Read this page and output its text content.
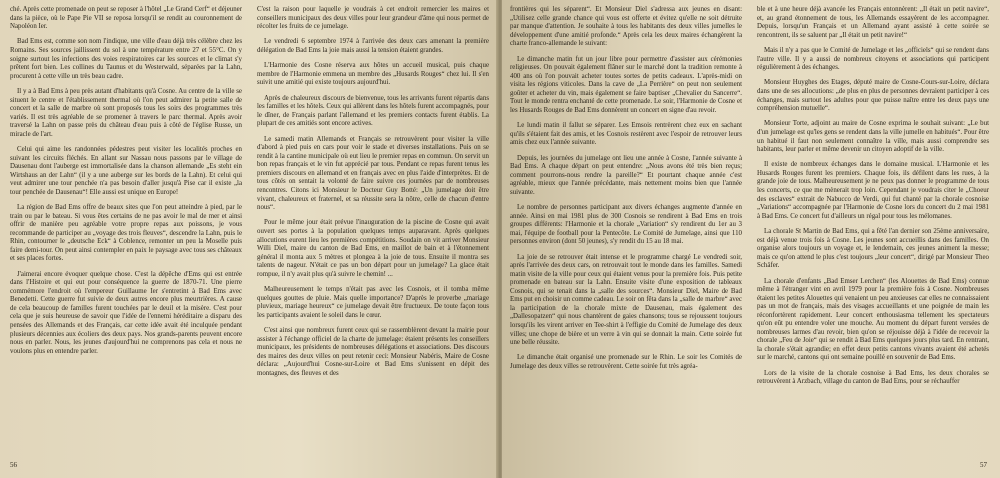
ché. Après cette promenade on peut se reposer à l'hôtel „Le Grand Cerf“ et déjeuner dans la pièce, où le Pape Pie VII se reposa lorsqu'il se rendit au couronnement de Napoléon Ier.

Bad Ems est, comme son nom l'indique, une ville d'eau déjà très célèbre chez les Romains. Ses sources jaillissent du sol à une température entre 27 et 55°C. On y soigne surtout les infections des voies respiratoires car les sources et le climat s'y prêtent fort bien. Les collines du Taunus et du Westerwald, séparées par la Lahn, procurent à cette ville un très beau cadre.

Il y a à Bad Ems à peu près autant d'habitants qu'à Cosne. Au centre de la ville se situent le centre et l'établissement thermal où l'on peut admirer la petite salle de concert et la salle de marbre où sont proposés tous les soirs des programmes très variés. Il est très agréable de se promener à travers le parc thermal. Après avoir traversé la Lahn on passe près du château d'eau puis à côté de l'église Russe, un miracle de l'art.

Celui qui aime les randonnées pédestres peut visiter les localités proches en suivant les circuits fléchés. En allant sur Nassau nous passons par le village de Dausenau dont l'auberge est immortalisée dans la chanson allemande „Es steht ein Wirtshaus an der Lahn“ (il y a une auberge sur les bords de la Lahn). Et celui qui veut admirer une tour penchée n'a pas besoin d'aller jusqu'à Pise car il existe „la tour penchée de Dausenau“! Elle aussi est unique en Europe!

La région de Bad Ems offre de beaux sites que l'on peut atteindre à pied, par le train ou par le bateau. Si vous êtes certains de ne pas avoir le mal de mer et ainsi offrir de manière peu agréable votre propre repas aux poissons, je vous recommande de participer au „voyage des trois fleuves“, descendre la Lahn, puis le Rhin, contourner le „deutsche Eck“ à Coblence, remonter un peu la Moselle puis faire demi-tour. On peut ainsi contempler en paix le paysage avec tous ses châteaux et ses places fortes.

J'aimerai encore évoquer quelque chose. C'est la dépêche d'Ems qui est entrée dans l'Histoire et qui eut pour conséquence la guerre de 1870-71. Une pierre commémore l'endroit où l'empereur Guillaume Ier s'entretint à Bad Ems avec Benedetti. Cette guerre fut suivie de deux autres encore plus meurtrières. A cause de cela beaucoup de familles furent touchées par le deuil et la misère. C'est pour cela que je suis heureuse de savoir que l'idée de l'ennemi héréditaire a disparu des pensées des Allemands et des Français, car cette idée avait été inculquée pendant plusieurs décennies aux écoliers des deux pays. Nos grands-parents peuvent encore nous en parler. Nous, les jeunes d'aujourd'hui ne comprenons pas cela et nous ne voulons plus en entendre parler.

C'est la raison pour laquelle je voudrais à cet endroit remercier les maires et conseillers municipaux des deux villes pour leur grandeur d'âme qui nous permet de récolter les fruits de ce jumelage.

Le vendredi 6 septembre 1974 à l'arrivée des deux cars amenant la première délégation de Bad Ems la joie mais aussi la tension étaient grandes.

L'Harmonie des Cosne réserva aux hôtes un accueil musical, puis chaque membre de l'Harmonie emmena un membre des „Husards Rouges“ chez lui. Il s'en suivit une amitié qui existe toujours aujourd'hui.

Après de chaleureux discours de bienvenue, tous les arrivants furent répartis dans les familles et les hôtels. Ceux qui allèrent dans les hôtels furent accompagnés, pour le dîner, de Français parlant l'allemand et les premiers contacts furent établis. La plupart de ces amitiés sont encore actives.

Le samedi matin Allemands et Français se retrouvèrent pour visiter la ville d'abord à pied puis en cars pour voir le stade et diverses installations. Puis on se rendit à la cantine municipale où eut lieu le premier repas en commun. On servit un bon repas français et le vin fut apprécié par tous. Pendant ce repas furent tenus les premiers discours en allemand et en français avec en plus l'aide d'interprètes. Et de tous côtés on sentait la volonté de faire suivre ces journées par de nombreuses rencontres. Citons ici Monsieur le Docteur Guy Botté: „Un jumelage doit être vivant, chaleureux et fraternel, et sa réussite sera la nôtre, celle de chacun d'entre nous“.

Pour le même jour était prévue l'inauguration de la piscine de Cosne qui avait ouvert ses portes à la population quelques temps auparavant. Après quelques allocutions eurent lieu les premières compétitions. Soudain on vit arriver Monsieur Willi Diel, maire du canton de Bad Ems, en maillot de bain et à l'étonnement général il monta aux 5 mètres et plongea à la joie de tous. Ensuite il montra ses talents de nageur. N'était ce pas un bon départ pour un jumelage? La glace était rompue, il n'y avait plus qu'à suivre le chemin! ...

Malheureusement le temps n'était pas avec les Cosnois, et il tomba même quelques gouttes de pluie. Mais quelle importance? D'après le proverbe „mariage pluvieux, mariage heureux“ ce jumelage devait être fructueux. De toute façon tous les participants avaient le soleil dans le cœur.

C'est ainsi que nombreux furent ceux qui se rassemblèrent devant la mairie pour assister à l'échange officiel de la charte de jumelage: étaient présents les conseillers municipaux, les présidents de nombreuses délégations et associations. Des discours des maires des deux villes on peut retenir ceci: Monsieur Nabéris, Maire de Cosne déclara: „Aujourd'hui Cosne-sur-Loire et Bad Ems s'unissent en dépit des montagnes, des fleuves et des

56

frontières qui les séparent“. Et Monsieur Diel s'adressa aux jeunes en disant: „Utilisez celle grande chance qui vous est offerte et évitez qu'elle ne soit détruite par manque d'attention. Je souhaite à tous les habitants des deux villes jumelles le développement d'une amitié profonde.“ Après cela les deux maires échangèrent la charte franco-allemande le suivant:

Le dimanche matin fut un jour libre pour permettre d'assister aux cérémonies religieuses. On pouvait également flâner sur le marché dont la tradition remonte à 400 ans où l'on pouvait acheter toutes sortes de petits cadeaux. L'après-midi on visita les régions viticoles. Dans la cave de „La Perrière“ on peut non seulement goûter et acheter du vin, mais également se faire baptiser „Chevalier du Sancerre“. Tout le monde rentra enchanté de cette promenade. Le soir, l'Harmonie de Cosne et les Husards Rouges de Bad Ems donnèrent un concert en signe d'au revoir.

Le lundi matin il fallut se séparer. Les Emsois rentrèrent chez eux en sachant qu'ils s'étaient fait des amis, et les Cosnois restèrent avec l'espoir de retrouver leurs amis chez eux l'année suivante.

Depuis, les journées du jumelage ont lieu une année à Cosne, l'année suivante à Bad Ems. A chaque départ on peut entendre: „Nous avons été très bien reçus; comment pourrons-nous rendre la pareille?“ Et pourtant chaque année c'est agréable, mieux que l'année précédante, mais nettement moins bien que l'année suivante.

Le nombre de personnes participant aux divers échanges augmente d'année en année. Ainsi en mai 1981 plus de 300 Cosnois se rendirent à Bad Ems en trois groupes différents: l'Harmonie et la chorale „Variation“ s'y rendirent du 1er au 3 mai, l'équipe de football pour la Pentecôte. Le Comité de Jumelage, ainsi que 110 personnes environ (dont 50 jeunes), s'y rendit du 15 au 18 mai.

La joie de se retrouver était intense et le programme chargé Le vendredi soir, après l'arrivée des deux cars, on retrouvait tout le monde dans les familles. Samedi matin visite de la ville pour ceux qui étaient venus pour la première fois. Puis petite promenade en bateau sur la Lahn. Ensuite visite d'une exposition de tableaux Cosnois, qui se tenait dans la „salle des sources“. Monsieur Diel, Maire de Bad Ems put en choisir un comme cadeau. Le soir on fêta dans la „salle de marbre“ avec la participation de la chorale mixte de Dausenau, mais également des „Dallesopatzen“ qui nous chantèrent de gaies chansons; tous se rejoussent toujours lorsqu'ils les virent arriver en Tee-shirt à l'effigie du Comité de Jumelage des deux villes; une chope de bière et un verre à vin qui se donnait la main. Cette soirée fut une belle réussite.

Le dimanche était organisé une promenade sur le Rhin. Le soir les Comités de Jumelage des deux villes se retrouvèrent. Cette soirée fut très agréa-

ble et à une heure déjà avancée les Français entonnèrent: „Il était un petit navire“, et, au grand étonnement de tous, les Allemands essayèrent de les accompagner. Depuis, lorsqu'un Français et un Allemand ayant assisté à cette soirée se rencontrent, ils se saluent par „Il était un petit navire!“

Mais il n'y a pas que le Comité de Jumelage et les „officiels“ qui se rendent dans l'autre ville. Il y a aussi de nombreux citoyens et associations qui participent régulièrement à des échanges.

Monsieur Huyghes des Etages, député maire de Cosne-Cours-sur-Loire, déclara dans une de ses allocutions: „de plus en plus de personnes devraient participer à ces échanges, mais surtout les adultes pour que puisse naître entre les deux pays une compréhension mutuelle“.

Monsieur Torte, adjoint au maire de Cosne exprima le souhait suivant: „Le but d'un jumelage est qu'les gens se rendent dans la ville jumelle en habitués“. Pour être un habitué il faut non seulement connaître la ville, mais aussi comprendre ses habitants, leur parler et même devenir un citoyen adoptif de la ville.

Il existe de nombreux échanges dans le domaine musical. L'Harmonie et les Husards Rouges furent les premiers. Chaque fois, ils défilent dans les rues, à la grande joie de tous. Malheureusement je ne peux pas donner le programme de tous les concerts, ce que me mènerait trop loin. Cependant je voudrais citer le „Choeur des esclaves“ extrait de Nabucco de Verdi, qui fut chanté par la chorale cosnoise „Variations“ accompagnée par l'Harmonie de Cosne lors du concert du 2 mai 1981 à Bad Ems. Ce concert fut d'ailleurs un régal pour tous les mélomanes.

La chorale St Martin de Bad Ems, qui a fêté l'an dernier son 25ème anniversaire, est déjà venue trois fois à Cosne. Les jeunes sont accueillis dans des familles. On organise alors toujours un voyage et, le lendemain, ces jeunes animent la messe; mais ce qu'on attend le plus c'est toujours „leur concert“, dirigé par Monsieur Theo Schäfer.

La chorale d'enfants „Bad Emser Lerchen“ (les Alouettes de Bad Ems) connue même à l'étranger vint en avril 1979 pour la première fois à Cosne. Nombreuses étaient les petites Alouettes qui venaient un peu anxieuses car elles ne connaissaient pas un mot de français, mais des visages accueillants et une poignée de main les réconfortèrent rapidement. Leur concert enthousiasma tellement les spectateurs qu'on eût pu entendre voler une mouche. Au moment du départ furent versées de nombreuses larmes d'au revoir, bien qu'on se réjouisse déjà à l'idée de recevoir la chorale „Feu de Joie“ qui se rendit à Bad Ems quelques jours plus tard. En rentrant, la chorale s'était agrandie; en effet deux petits cantons vivants avaient été achetés sur le marché, cantons qui ont semaine pouillé en souvenir de Bad Ems.

Lors de la visite de la chorale cosnoise à Bad Ems, les deux chorales se retrouvèrent à Arzbach, village du canton de Bad Ems, pour se réchauffer

57
